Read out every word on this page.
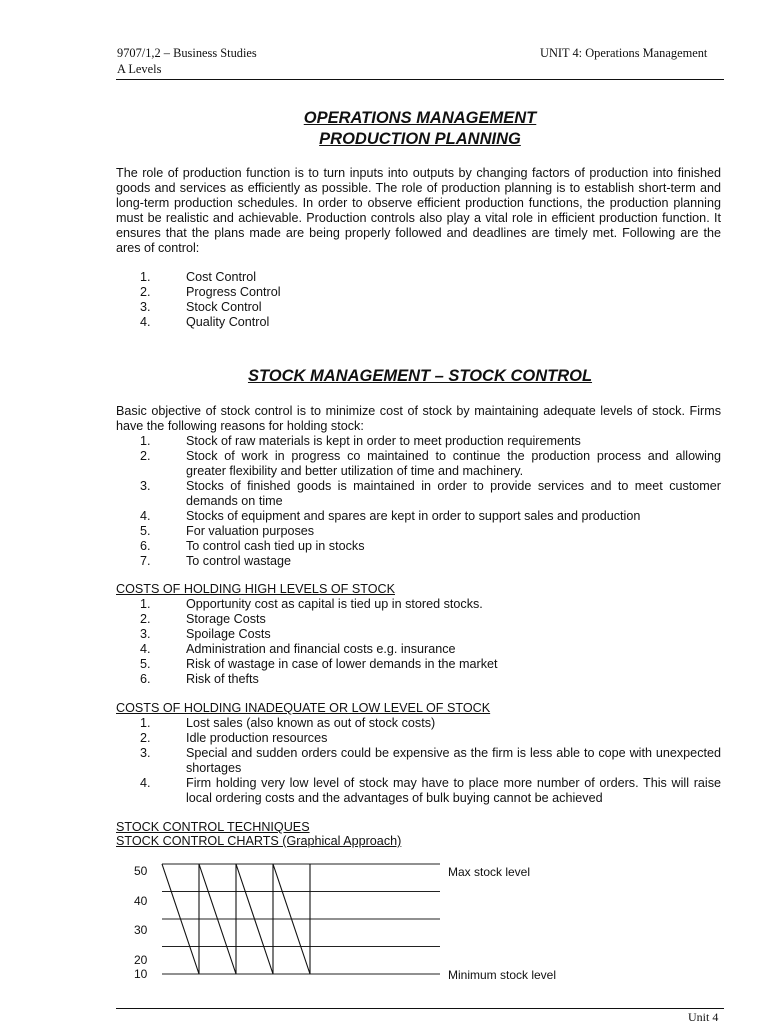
9707/1,2 – Business Studies
A Levels
UNIT 4: Operations Management
OPERATIONS MANAGEMENT
PRODUCTION PLANNING

The role of production function is to turn inputs into outputs by changing factors of production into finished goods and services as efficiently as possible. The role of production planning is to establish short-term and long-term production schedules. In order to observe efficient production functions, the production planning must be realistic and achievable. Production controls also play a vital role in efficient production function. It ensures that the plans made are being properly followed and deadlines are timely met. Following are the ares of control:

1.	Cost Control
2.	Progress Control
3.	Stock Control
4.	Quality Control
STOCK MANAGEMENT – STOCK CONTROL

Basic objective of stock control is to minimize cost of stock by maintaining adequate levels of stock. Firms have the following reasons for holding stock:

1.	Stock of raw materials is kept in order to meet production requirements
2.	Stock of work in progress co maintained to continue the production process and allowing greater flexibility and better utilization of time and machinery.
3.	Stocks of finished goods is maintained in order to provide services and to meet customer demands on time
4.	Stocks of equipment and spares are kept in order to support sales and production
5.	For valuation purposes
6.	To control cash tied up in stocks
7.	To control wastage
COSTS OF HOLDING HIGH LEVELS OF STOCK
1.	Opportunity cost as capital is tied up in stored stocks.
2.	Storage Costs
3.	Spoilage Costs
4.	Administration and financial costs e.g. insurance
5.	Risk of wastage in case of lower demands in the market
6.	Risk of thefts
COSTS OF HOLDING INADEQUATE OR LOW LEVEL OF STOCK
1.	Lost sales (also known as out of stock costs)
2.	Idle production resources
3.	Special and sudden orders could be expensive as the firm is less able to cope with unexpected shortages
4.	Firm holding very low level of stock may have to place more number of orders. This will raise local ordering costs and the advantages of bulk buying cannot be achieved
STOCK CONTROL TECHNIQUES
STOCK CONTROL CHARTS (Graphical Approach)
50
40
30
20
10
Max stock level
Minimum stock level
Unit 4
